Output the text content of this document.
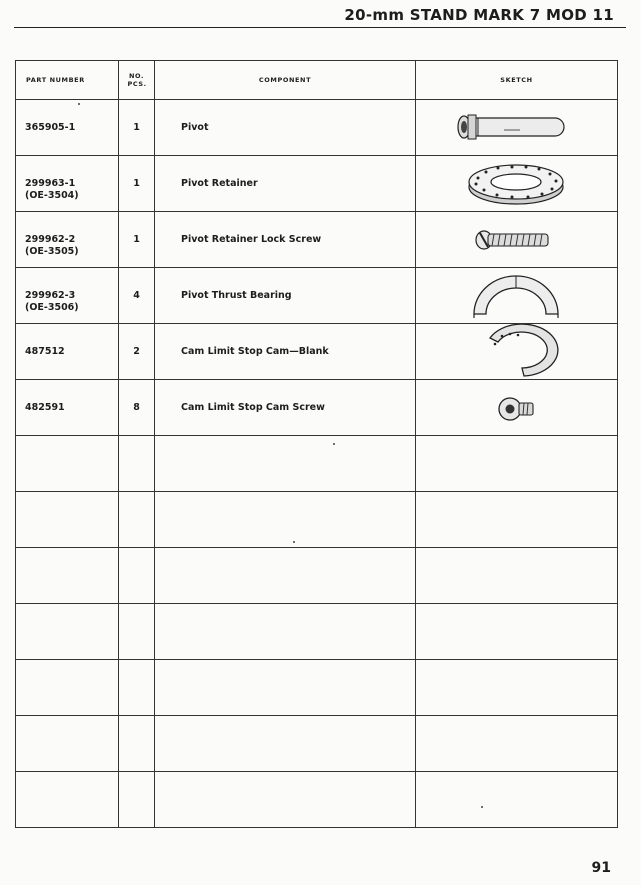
20-mm STAND MARK 7 MOD 11
PART NUMBER	NO. PCS.	COMPONENT	SKETCH

365905-1	1	Pivot

299963-1
(OE-3504)	1	Pivot Retainer

299962-2
(OE-3505)	1	Pivot Retainer Lock Screw

299962-3
(OE-3506)	4	Pivot Thrust Bearing

487512	2	Cam Limit Stop Cam—Blank

482591	8	Cam Limit Stop Cam Screw

91
